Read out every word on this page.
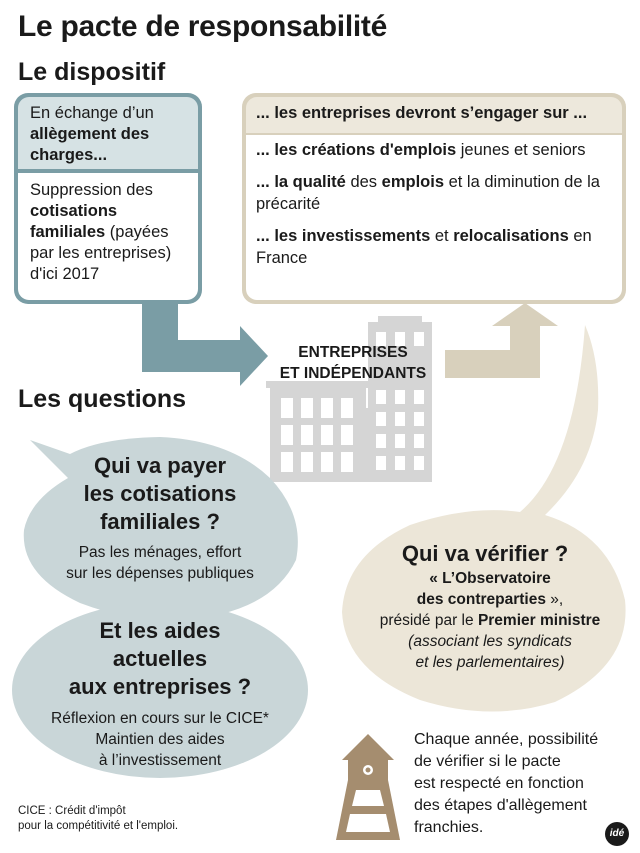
Le pacte de responsabilité
Le dispositif
En échange d’un allègement des charges...
Suppression des cotisations familiales (payées par les entreprises) d'ici 2017
... les entreprises devront s’engager sur ...
... les créations d'emplois jeunes et seniors
... la qualité des emplois et la diminution de la précarité
... les investissements et relocalisations en France
ENTREPRISES
ET INDÉPENDANTS
Les questions
Qui va payer
les cotisations
familiales ?
Pas les ménages, effort
sur les dépenses publiques
Et les aides
actuelles
aux entreprises ?
Réflexion en cours sur le CICE*
Maintien des aides
à l’investissement
Qui va vérifier ?
« L’Observatoire
des contreparties »,
présidé par le Premier ministre
(associant les syndicats
et les parlementaires)
Chaque année, possibilité
de vérifier si le pacte
est respecté en fonction
des étapes d'allègement
franchies.
CICE : Crédit d'impôt
pour la compétitivité et l'emploi.
idé
